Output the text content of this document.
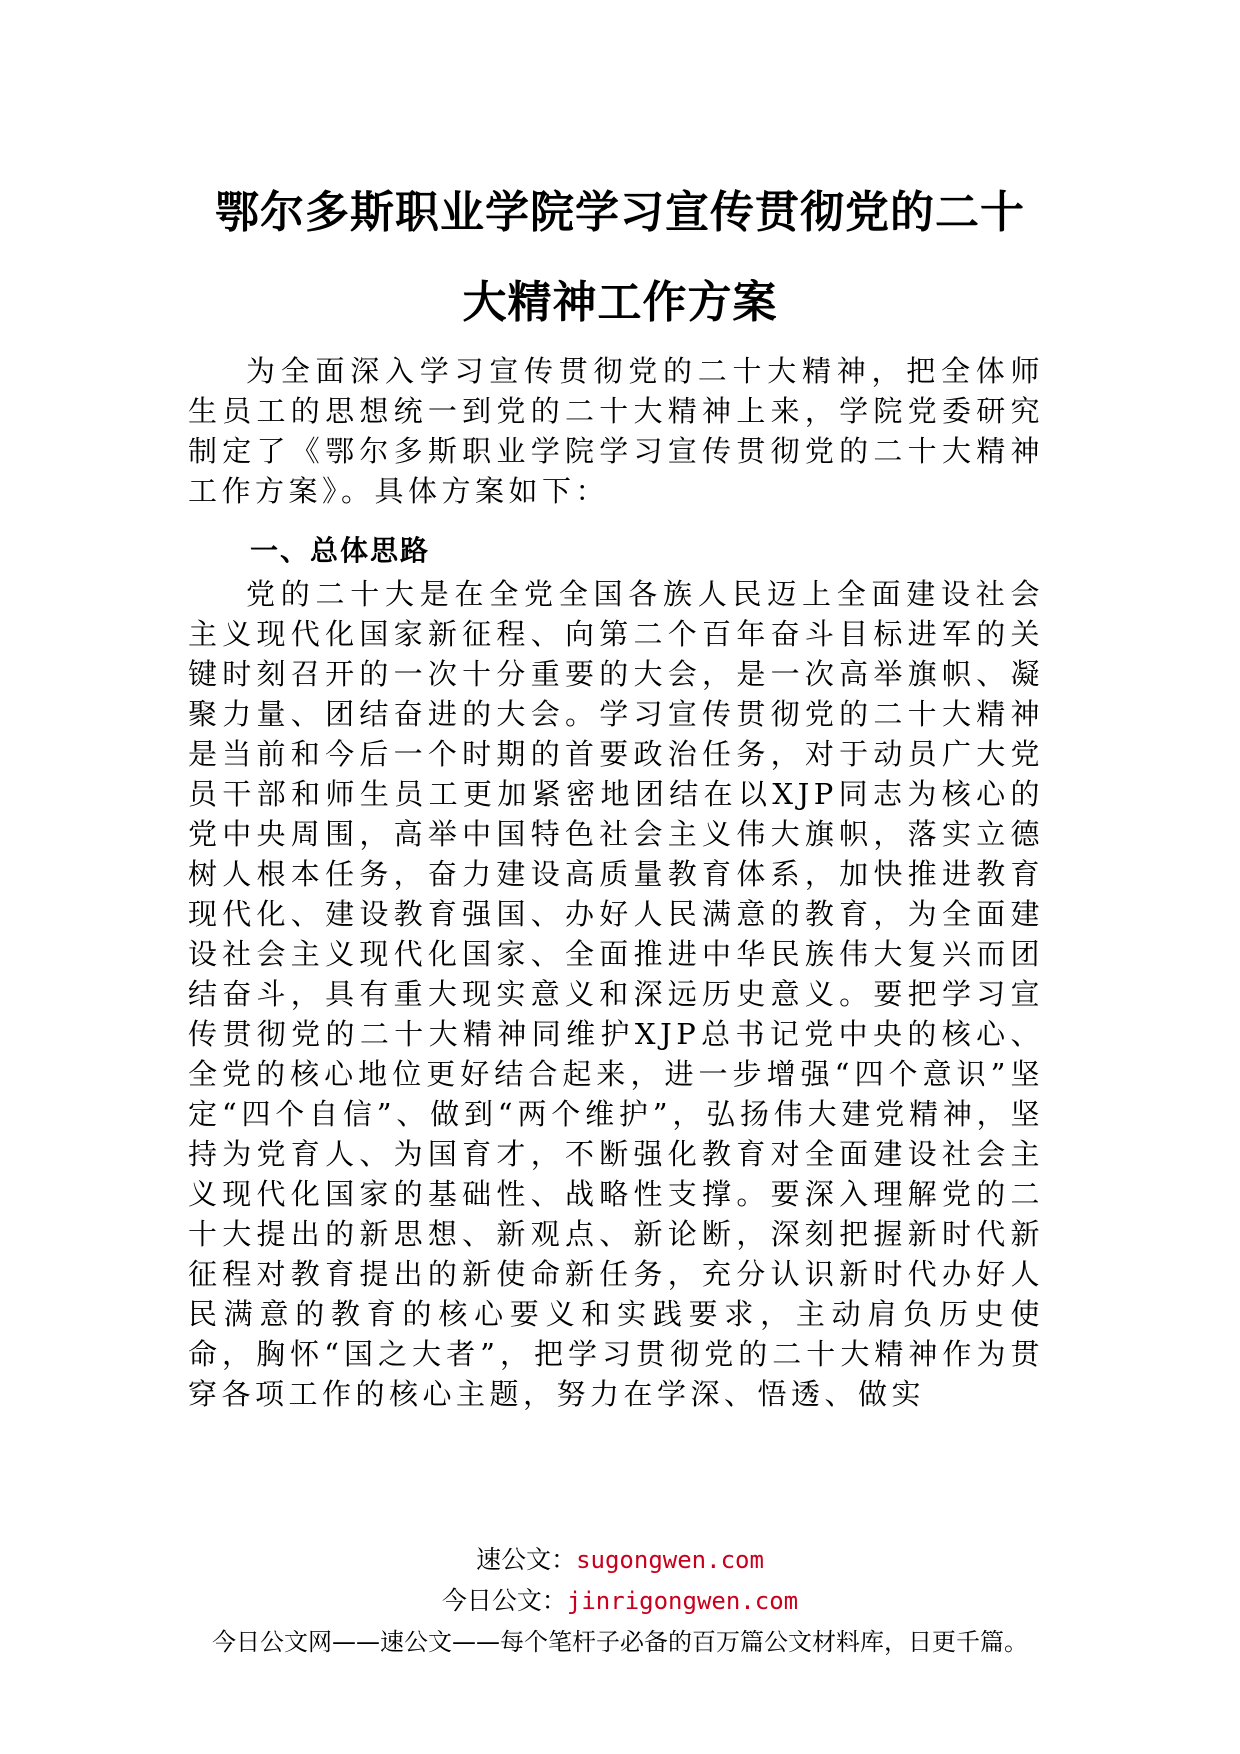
鄂尔多斯职业学院学习宣传贯彻党的二十
大精神工作方案
为全面深入学习宣传贯彻党的二十大精神，把全体师生员工的思想统一到党的二十大精神上来，学院党委研究制定了《鄂尔多斯职业学院学习宣传贯彻党的二十大精神工作方案》。具体方案如下：
一、总体思路
党的二十大是在全党全国各族人民迈上全面建设社会主义现代化国家新征程、向第二个百年奋斗目标进军的关键时刻召开的一次十分重要的大会，是一次高举旗帜、凝聚力量、团结奋进的大会。学习宣传贯彻党的二十大精神是当前和今后一个时期的首要政治任务，对于动员广大党员干部和师生员工更加紧密地团结在以XJP同志为核心的党中央周围，高举中国特色社会主义伟大旗帜，落实立德树人根本任务，奋力建设高质量教育体系，加快推进教育现代化、建设教育强国、办好人民满意的教育，为全面建设社会主义现代化国家、全面推进中华民族伟大复兴而团结奋斗，具有重大现实意义和深远历史意义。要把学习宣传贯彻党的二十大精神同维护XJP总书记党中央的核心、全党的核心地位更好结合起来，进一步增强“四个意识”坚定“四个自信”、做到“两个维护”，弘扬伟大建党精神，坚持为党育人、为国育才，不断强化教育对全面建设社会主义现代化国家的基础性、战略性支撑。要深入理解党的二十大提出的新思想、新观点、新论断，深刻把握新时代新征程对教育提出的新使命新任务，充分认识新时代办好人民满意的教育的核心要义和实践要求，主动肩负历史使命，胸怀“国之大者”，把学习贯彻党的二十大精神作为贯穿各项工作的核心主题，努力在学深、悟透、做实
速公文：sugongwen.com
今日公文：jinrigongwen.com
今日公文网——速公文——每个笔杆子必备的百万篇公文材料库，日更千篇。
